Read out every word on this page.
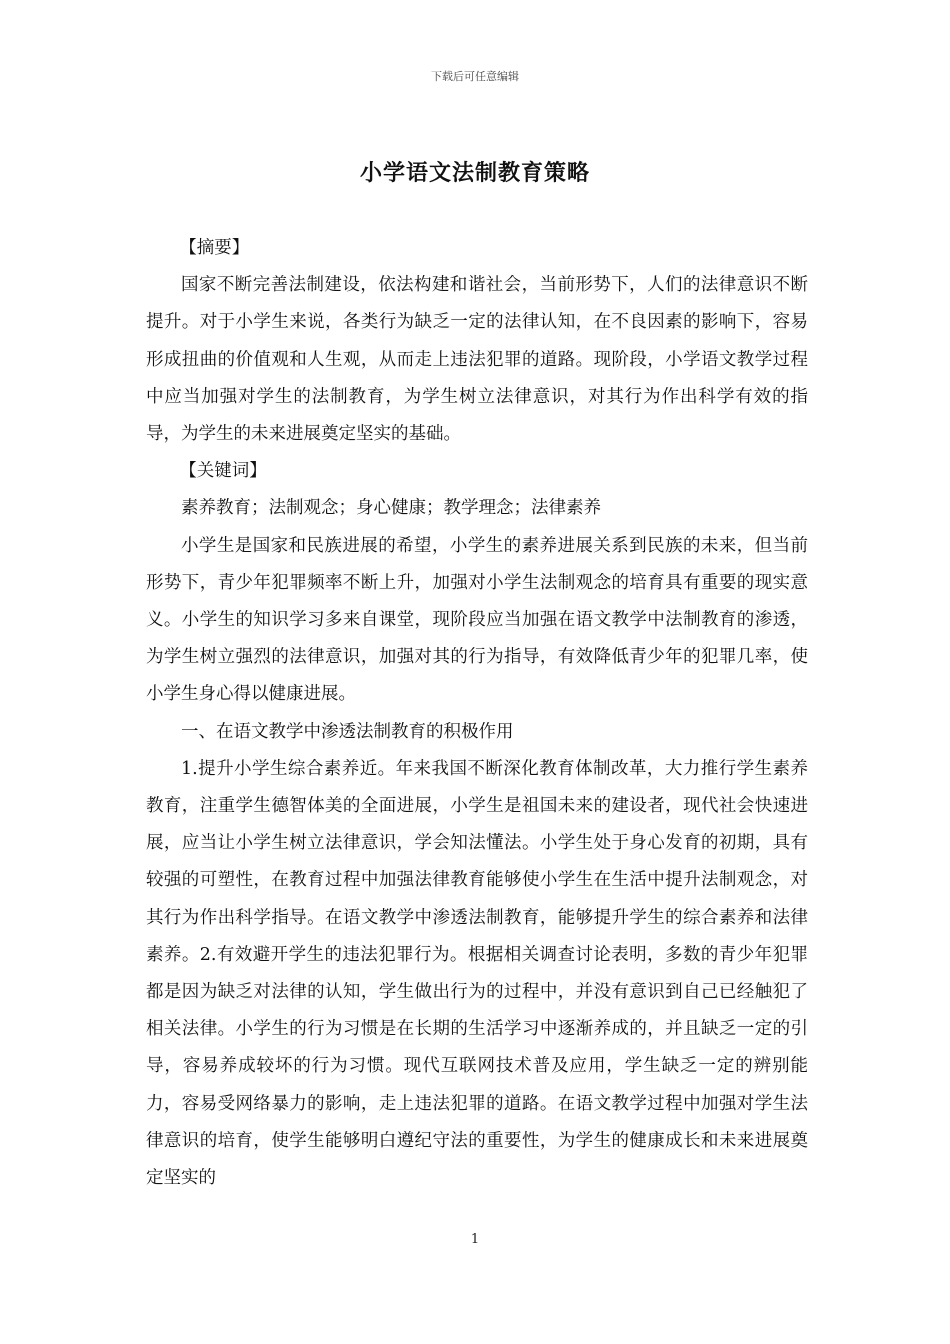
下载后可任意编辑
小学语文法制教育策略

【摘要】

国家不断完善法制建设，依法构建和谐社会，当前形势下，人们的法律意识不断提升。对于小学生来说，各类行为缺乏一定的法律认知，在不良因素的影响下，容易形成扭曲的价值观和人生观，从而走上违法犯罪的道路。现阶段，小学语文教学过程中应当加强对学生的法制教育，为学生树立法律意识，对其行为作出科学有效的指导，为学生的未来进展奠定坚实的基础。

【关键词】

素养教育；法制观念；身心健康；教学理念；法律素养

小学生是国家和民族进展的希望，小学生的素养进展关系到民族的未来，但当前形势下，青少年犯罪频率不断上升，加强对小学生法制观念的培育具有重要的现实意义。小学生的知识学习多来自课堂，现阶段应当加强在语文教学中法制教育的渗透，为学生树立强烈的法律意识，加强对其的行为指导，有效降低青少年的犯罪几率，使小学生身心得以健康进展。

一、在语文教学中渗透法制教育的积极作用

1.提升小学生综合素养近。年来我国不断深化教育体制改革，大力推行学生素养教育，注重学生德智体美的全面进展，小学生是祖国未来的建设者，现代社会快速进展，应当让小学生树立法律意识，学会知法懂法。小学生处于身心发育的初期，具有较强的可塑性，在教育过程中加强法律教育能够使小学生在生活中提升法制观念，对其行为作出科学指导。在语文教学中渗透法制教育，能够提升学生的综合素养和法律素养。2.有效避开学生的违法犯罪行为。根据相关调查讨论表明，多数的青少年犯罪都是因为缺乏对法律的认知，学生做出行为的过程中，并没有意识到自己已经触犯了相关法律。小学生的行为习惯是在长期的生活学习中逐渐养成的，并且缺乏一定的引导，容易养成较坏的行为习惯。现代互联网技术普及应用，学生缺乏一定的辨别能力，容易受网络暴力的影响，走上违法犯罪的道路。在语文教学过程中加强对学生法律意识的培育，使学生能够明白遵纪守法的重要性，为学生的健康成长和未来进展奠定坚实的

1
